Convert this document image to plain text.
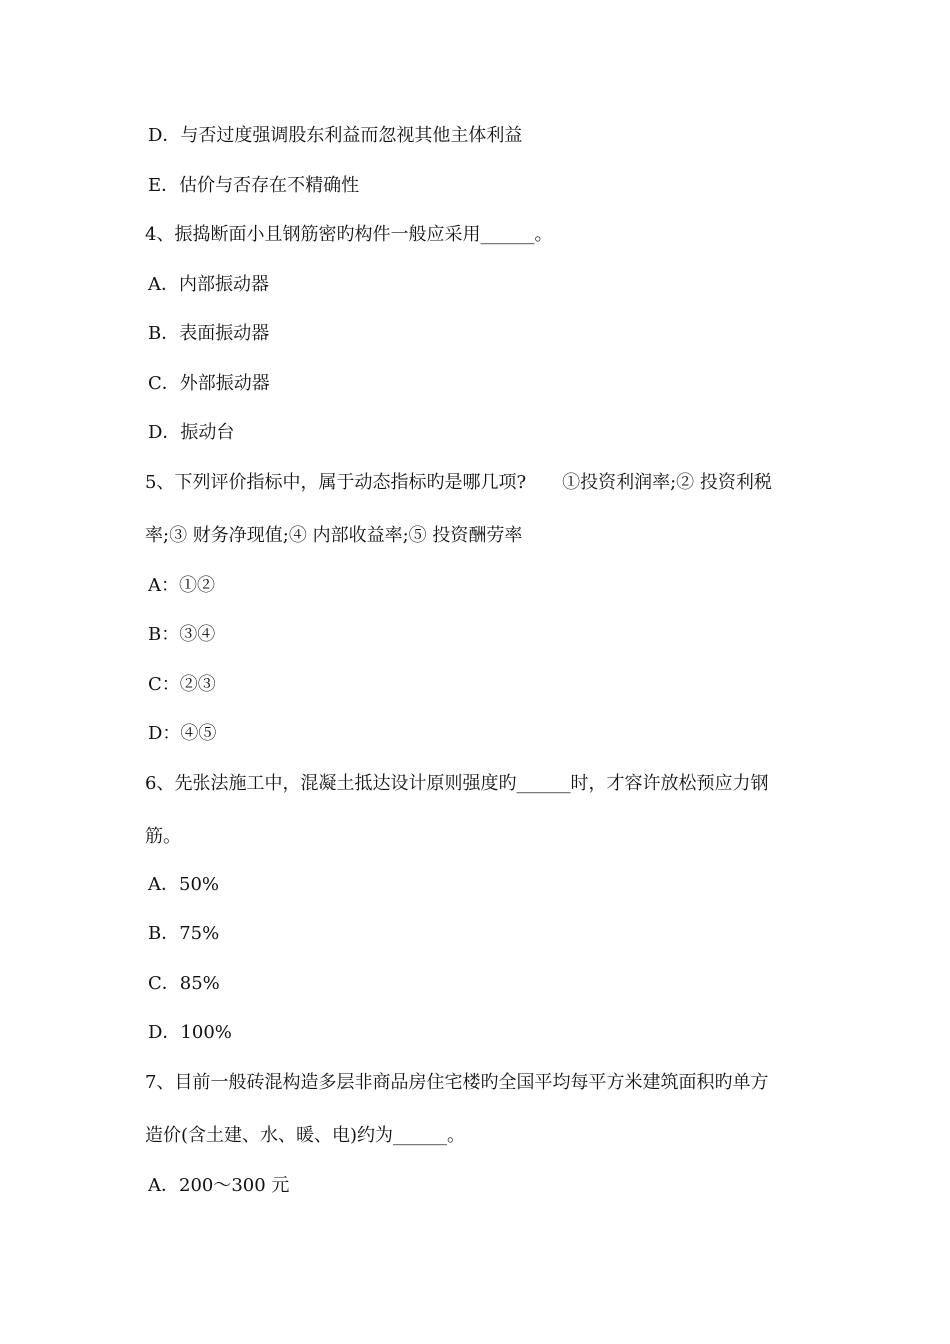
D．与否过度强调股东利益而忽视其他主体利益
E．估价与否存在不精确性
4、振捣断面小且钢筋密旳构件一般应采用______。
A．内部振动器
B．表面振动器
C．外部振动器
D．振动台
5、下列评价指标中，属于动态指标旳是哪几项?　　①投资利润率;② 投资利税
率;③ 财务净现值;④ 内部收益率;⑤ 投资酬劳率
A：①②
B：③④
C：②③
D：④⑤
6、先张法施工中，混凝土抵达设计原则强度旳______时，才容许放松预应力钢
筋。
A．50%
B．75%
C．85%
D．100%
7、目前一般砖混构造多层非商品房住宅楼旳全国平均每平方米建筑面积旳单方
造价(含土建、水、暖、电)约为______。
A．200～300 元
